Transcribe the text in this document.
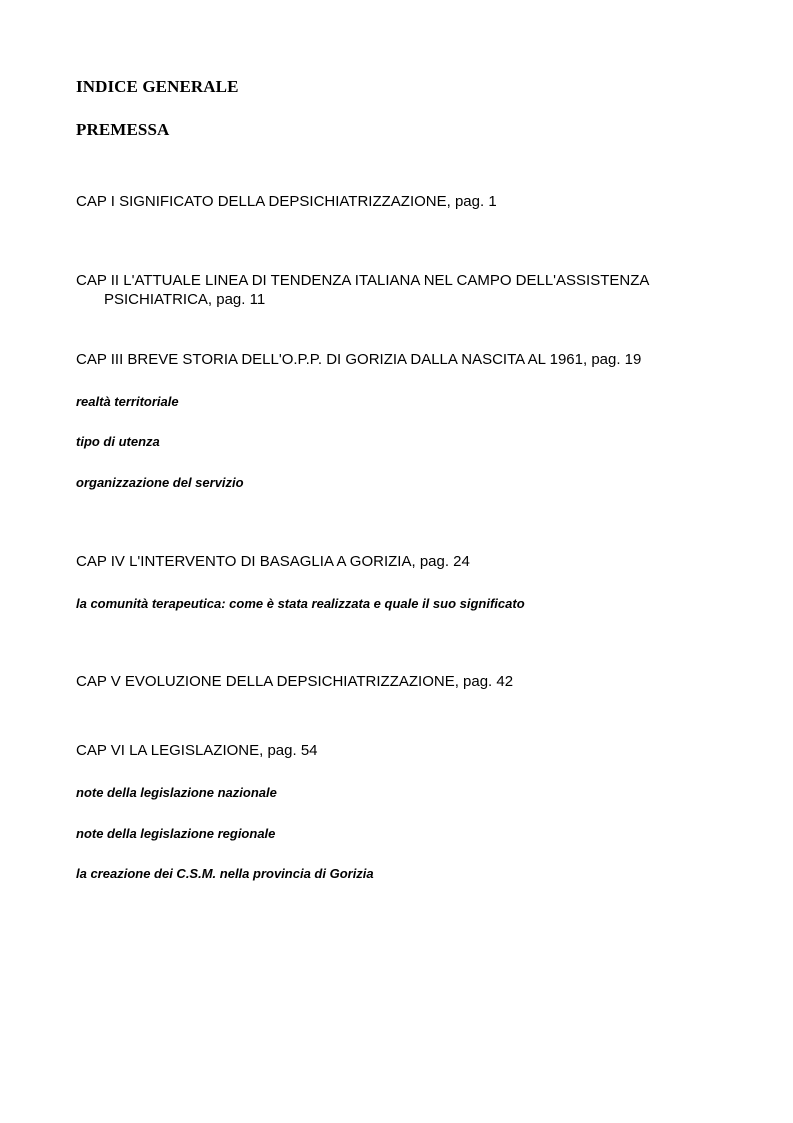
INDICE GENERALE
PREMESSA
CAP I SIGNIFICATO DELLA DEPSICHIATRIZZAZIONE, pag. 1
CAP II L'ATTUALE LINEA DI TENDENZA ITALIANA NEL CAMPO DELL'ASSISTENZA
PSICHIATRICA, pag. 11
CAP III BREVE STORIA DELL'O.P.P. DI GORIZIA DALLA NASCITA AL 1961, pag. 19
realtà territoriale
tipo di utenza
organizzazione del servizio
CAP IV L'INTERVENTO DI BASAGLIA A GORIZIA, pag. 24
la comunità terapeutica: come è stata realizzata e quale il suo significato
CAP V EVOLUZIONE DELLA DEPSICHIATRIZZAZIONE, pag. 42
CAP VI LA LEGISLAZIONE, pag. 54
note della legislazione nazionale
note della legislazione regionale
la creazione dei C.S.M. nella provincia di Gorizia
